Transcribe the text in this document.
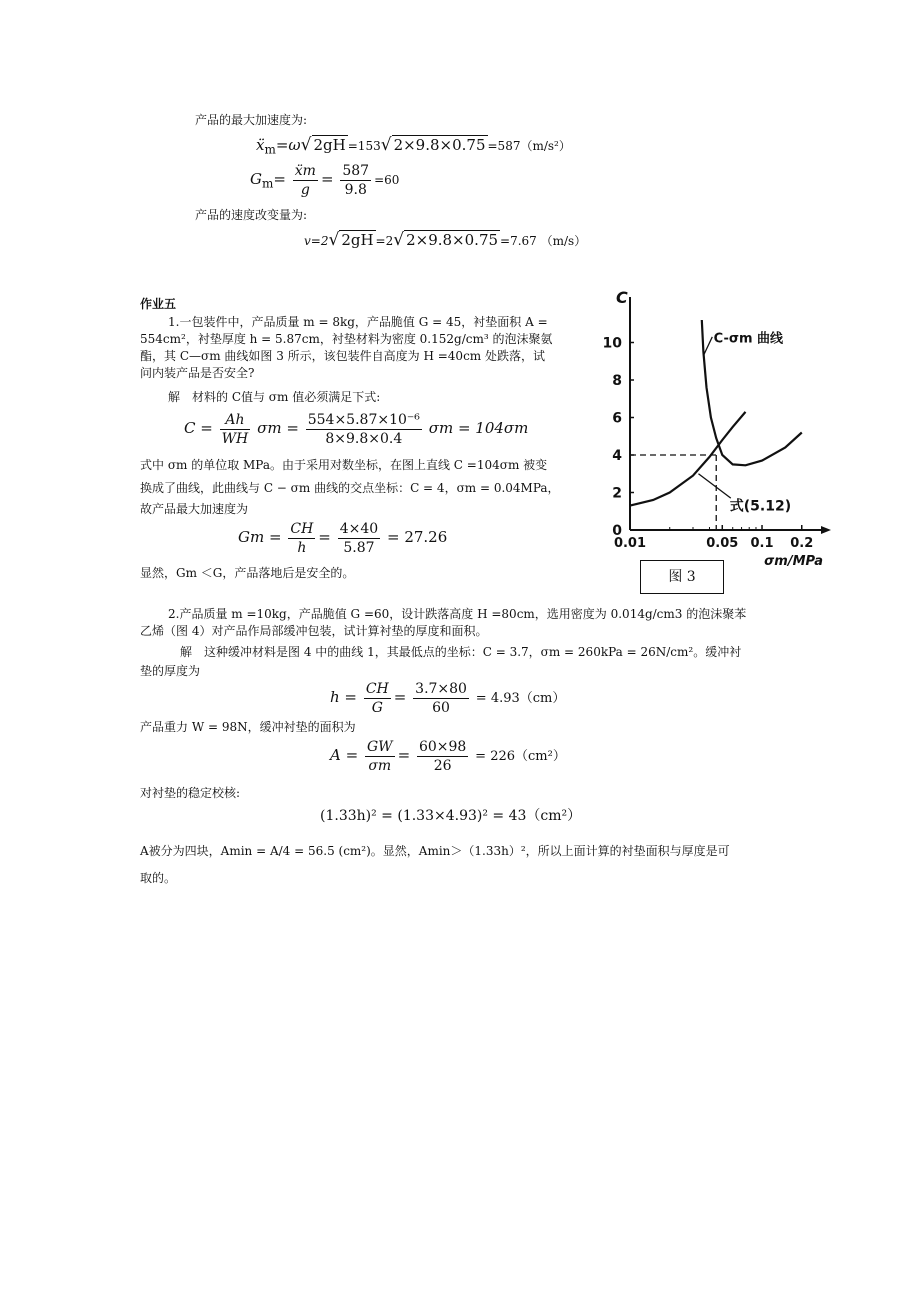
产品的最大加速度为:
ẍ$_m$=ω√ 2gH =153√ 2×9.8×0.75 =587（m/s²）
$G_m= \frac{\text{ẍm}}{g} = \frac{587}{9.8} =60$
产品的速度改变量为:
v=2√ 2gH =2√ 2×9.8×0.75 =7.67 （m/s）
作业五
1.一包装件中，产品质量 m = 8kg，产品脆值 G = 45，衬垫面积 A =
554cm²，衬垫厚度 h = 5.87cm，衬垫材料为密度 0.152g/cm³ 的泡沫聚氨
酯，其 C—σm 曲线如图 3 所示，该包装件自高度为 H =40cm 处跌落，试
问内装产品是否安全?
解　材料的 C值与 σm 值必须满足下式:
$C = \frac{Ah}{WH}$ $\sigma m = \frac{\text{554×5.87×10⁻⁶}}{8\times 9.8\times 0.4}$ σm = 104σm
式中 σm 的单位取 MPa。由于采用对数坐标，在图上直线 C =104σm 被变
换成了曲线，此曲线与 C − σm 曲线的交点坐标：C = 4，σm = 0.04MPa，
故产品最大加速度为
$Gm = \frac{CH}{h} = \frac{4\times 40}{5.87} = 27.26$
显然，Gm ＜G，产品落地后是安全的。
0
2
4
6
8
10
0.01	0.05 0.1 0.2
C
σm/MPa
C-σm 曲线
式(5.12)
图 3
2.产品质量 m =10kg，产品脆值 G =60，设计跌落高度 H =80cm，选用密度为 0.014g/cm3 的泡沫聚苯
乙烯（图 4）对产品作局部缓冲包装，试计算衬垫的厚度和面积。
解　这种缓冲材料是图 4 中的曲线 1，其最低点的坐标：C = 3.7，σm = 260kPa = 26N/cm²。缓冲衬
垫的厚度为
$h = \frac{CH}{G} = \frac{3.7\times 80}{60} = 4.93(cm)$
产品重力 W = 98N，缓冲衬垫的面积为
$A = \frac{GW}{\sigma m} = \frac{60\times 98}{26} = 226(cm^2)$
对衬垫的稳定校核:
(1.33h)² = (1.33×4.93)² = 43（cm²）
A被分为四块，Amin = A/4 = 56.5 (cm²)。显然，Amin＞（1.33h）²，所以上面计算的衬垫面积与厚度是可
取的。
